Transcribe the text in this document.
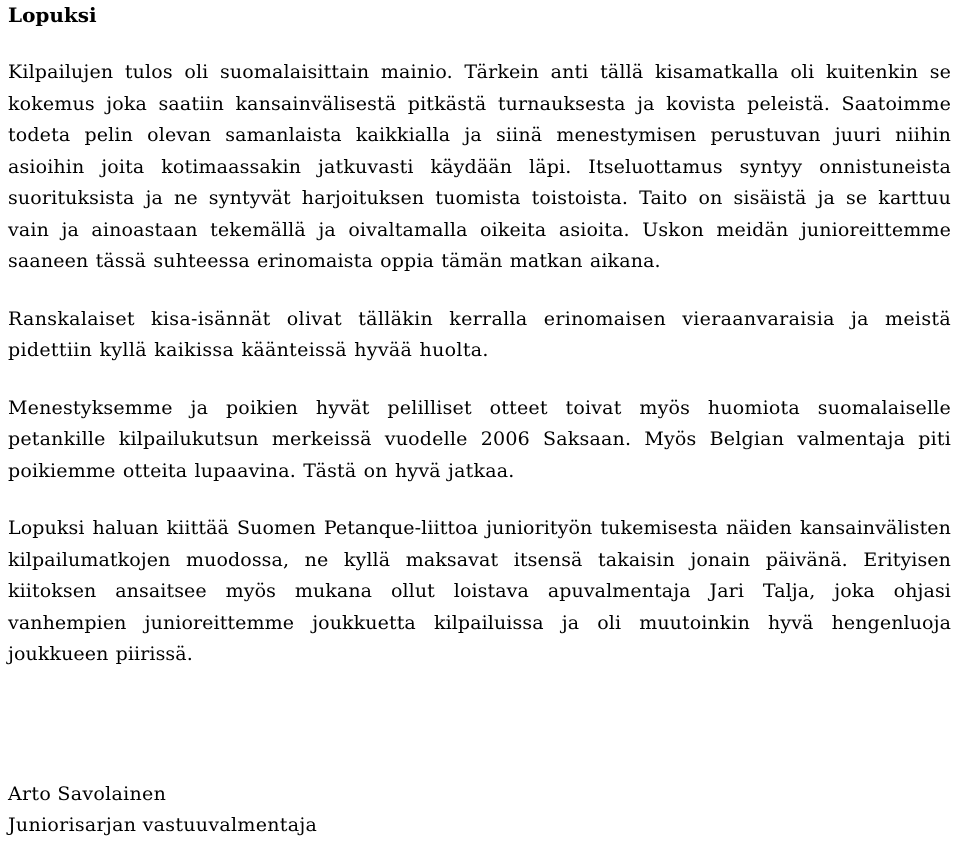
Lopuksi

Kilpailujen tulos oli suomalaisittain mainio. Tärkein anti tällä kisamatkalla oli kuitenkin se kokemus joka saatiin kansainvälisestä pitkästä turnauksesta ja kovista peleistä. Saatoimme todeta pelin olevan samanlaista kaikkialla ja siinä menestymisen perustuvan juuri niihin asioihin joita kotimaassakin jatkuvasti käydään läpi. Itseluottamus syntyy onnistuneista suorituksista ja ne syntyvät harjoituksen tuomista toistoista. Taito on sisäistä ja se karttuu vain ja ainoastaan tekemällä ja oivaltamalla oikeita asioita. Uskon meidän junioreittemme saaneen tässä suhteessa erinomaista oppia tämän matkan aikana.

Ranskalaiset kisa-isännät olivat tälläkin kerralla erinomaisen vieraanvaraisia ja meistä pidettiin kyllä kaikissa käänteissä hyvää huolta.

Menestyksemme ja poikien hyvät pelilliset otteet toivat myös huomiota suomalaiselle petankille kilpailukutsun merkeissä vuodelle 2006 Saksaan. Myös Belgian valmentaja piti poikiemme otteita lupaavina. Tästä on hyvä jatkaa.

Lopuksi haluan kiittää Suomen Petanque-liittoa juniorityön tukemisesta näiden kansainvälisten kilpailumatkojen muodossa, ne kyllä maksavat itsensä takaisin jonain päivänä. Erityisen kiitoksen ansaitsee myös mukana ollut loistava apuvalmentaja Jari Talja, joka ohjasi vanhempien junioreittemme joukkuetta kilpailuissa ja oli muutoinkin hyvä hengenluoja joukkueen piirissä.

Arto Savolainen
Juniorisarjan vastuuvalmentaja
